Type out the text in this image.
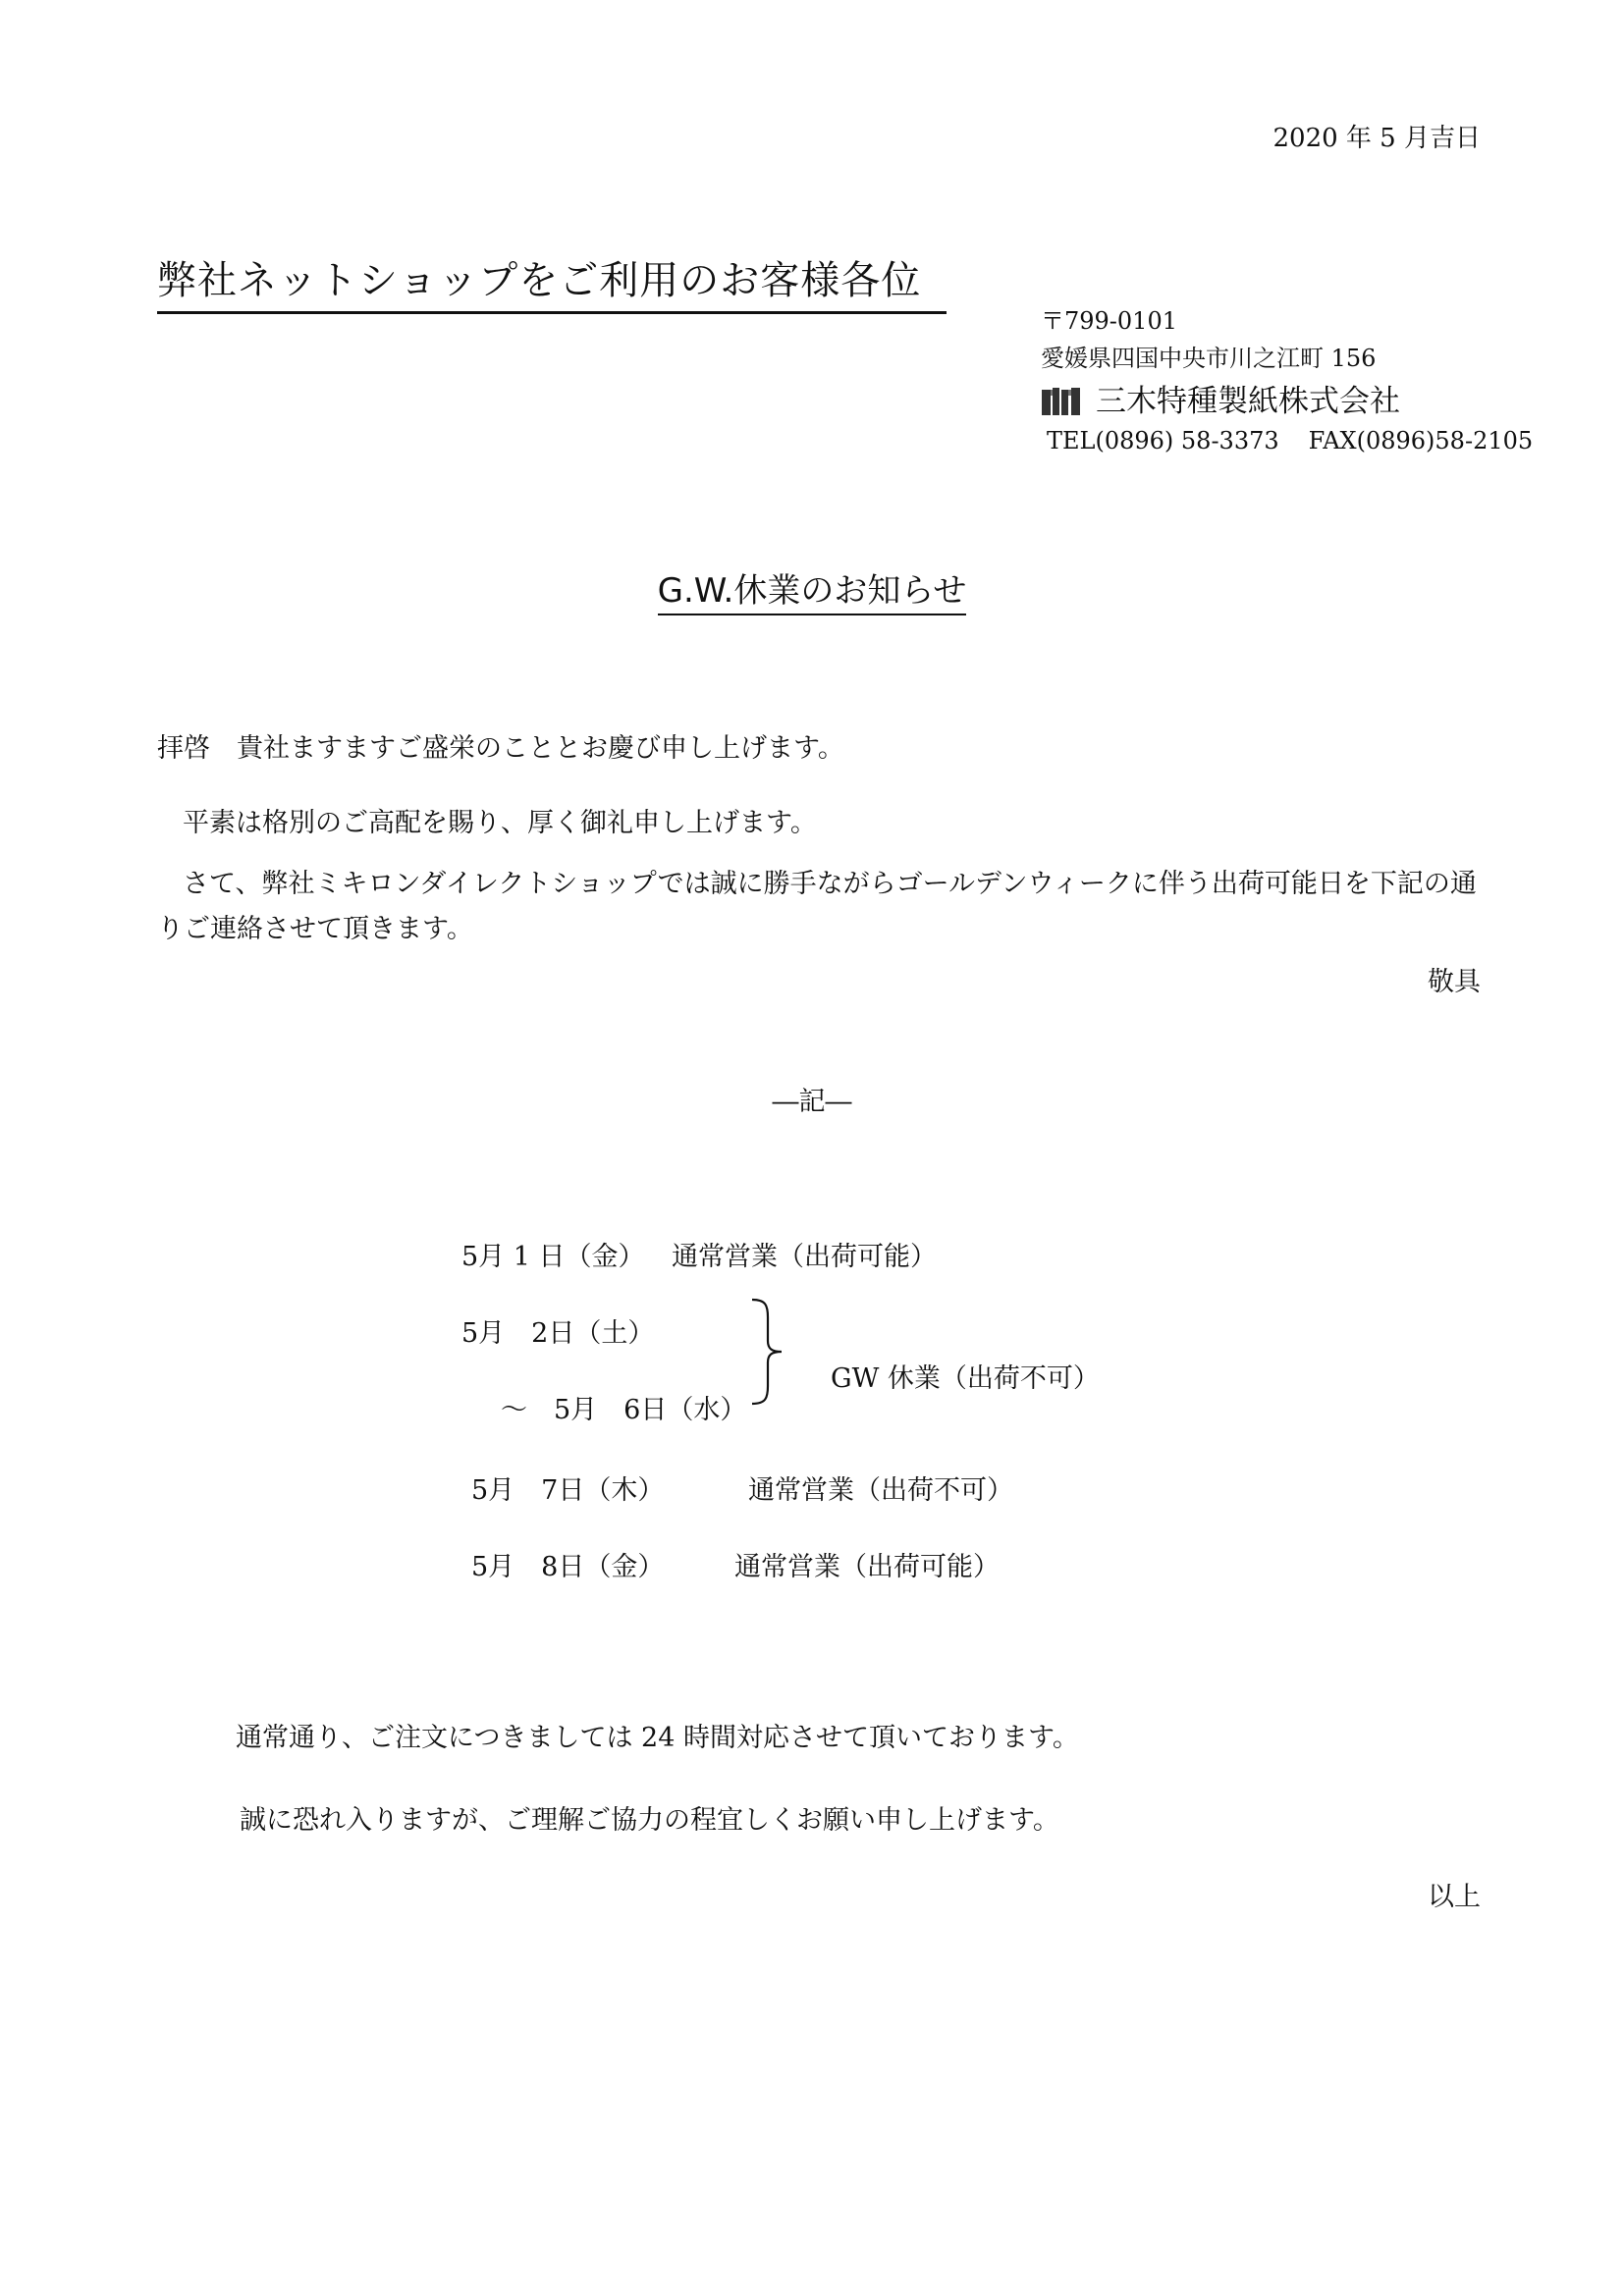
2020 年 5 月吉日
弊社ネットショップをご利用のお客様各位
〒799-0101
愛媛県四国中央市川之江町 156
三木特種製紙株式会社
TEL(0896) 58-3373 FAX(0896)58-2105
G.W.休業のお知らせ
拝啓　貴社ますますご盛栄のこととお慶び申し上げます。
平素は格別のご高配を賜り、厚く御礼申し上げます。
さて、弊社ミキロンダイレクトショップでは誠に勝手ながらゴールデンウィークに伴う出荷可能日を下記の通りご連絡させて頂きます。
敬具
―記―
5月 1 日（金） 通常営業（出荷可能）
5月　2日（土）
～　5月　6日（水）
GW 休業（出荷不可）
5月　7日（木）	通常営業（出荷不可）
5月　8日（金）	通常営業（出荷可能）
通常通り、ご注文につきましては 24 時間対応させて頂いております。
誠に恐れ入りますが、ご理解ご協力の程宜しくお願い申し上げます。
以上
